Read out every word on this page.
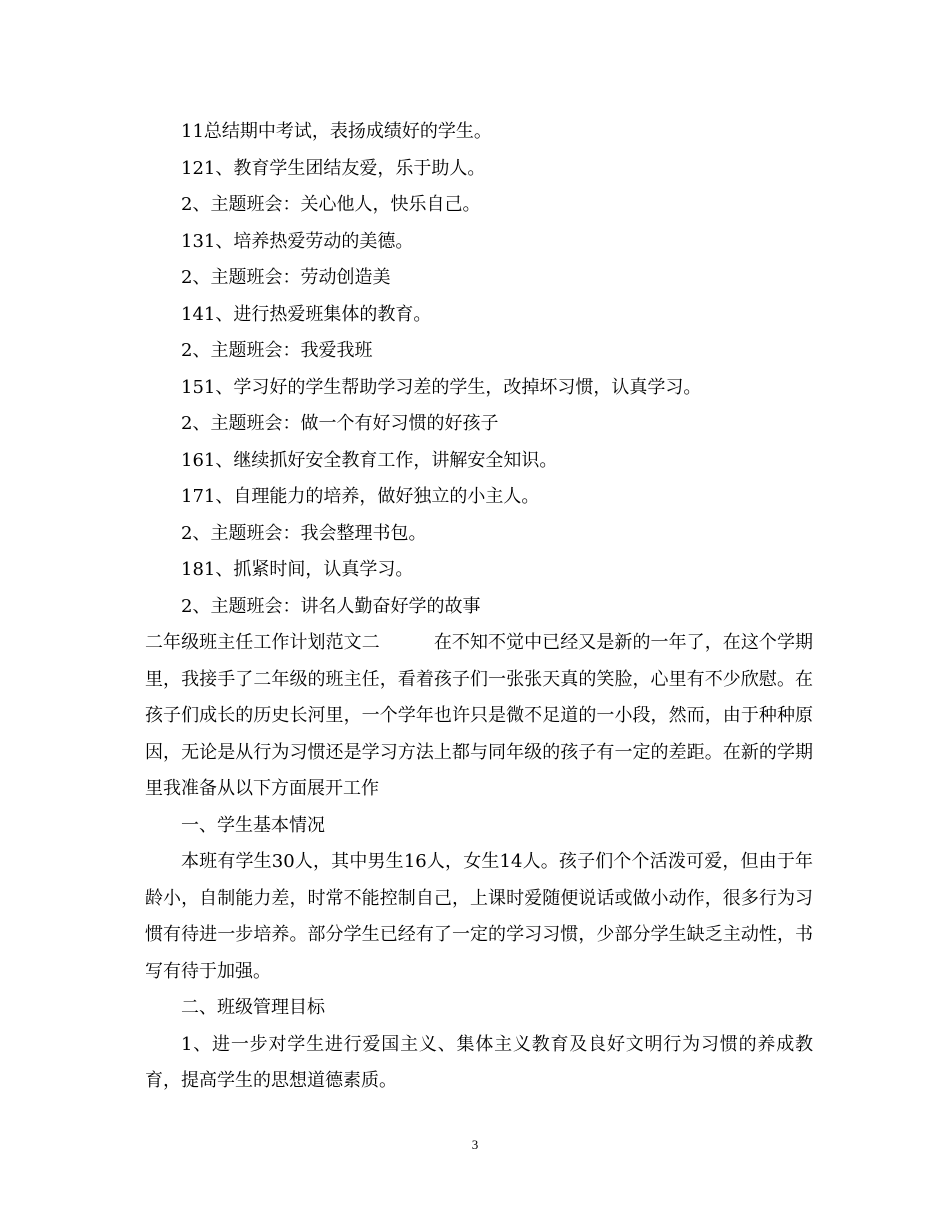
11总结期中考试，表扬成绩好的学生。

121、教育学生团结友爱，乐于助人。

2、主题班会：关心他人，快乐自己。

131、培养热爱劳动的美德。

2、主题班会：劳动创造美

141、进行热爱班集体的教育。

2、主题班会：我爱我班

151、学习好的学生帮助学习差的学生，改掉坏习惯，认真学习。

2、主题班会：做一个有好习惯的好孩子

161、继续抓好安全教育工作，讲解安全知识。

171、自理能力的培养，做好独立的小主人。

2、主题班会：我会整理书包。

181、抓紧时间，认真学习。

2、主题班会：讲名人勤奋好学的故事

二年级班主任工作计划范文二	在不知不觉中已经又是新的一年了，在这个学期里，我接手了二年级的班主任，看着孩子们一张张天真的笑脸，心里有不少欣慰。在孩子们成长的历史长河里，一个学年也许只是微不足道的一小段，然而，由于种种原因，无论是从行为习惯还是学习方法上都与同年级的孩子有一定的差距。在新的学期里我准备从以下方面展开工作

一、学生基本情况

本班有学生30人，其中男生16人，女生14人。孩子们个个活泼可爱，但由于年龄小，自制能力差，时常不能控制自己，上课时爱随便说话或做小动作，很多行为习惯有待进一步培养。部分学生已经有了一定的学习习惯，少部分学生缺乏主动性，书写有待于加强。

二、班级管理目标

1、进一步对学生进行爱国主义、集体主义教育及良好文明行为习惯的养成教育，提高学生的思想道德素质。

3
